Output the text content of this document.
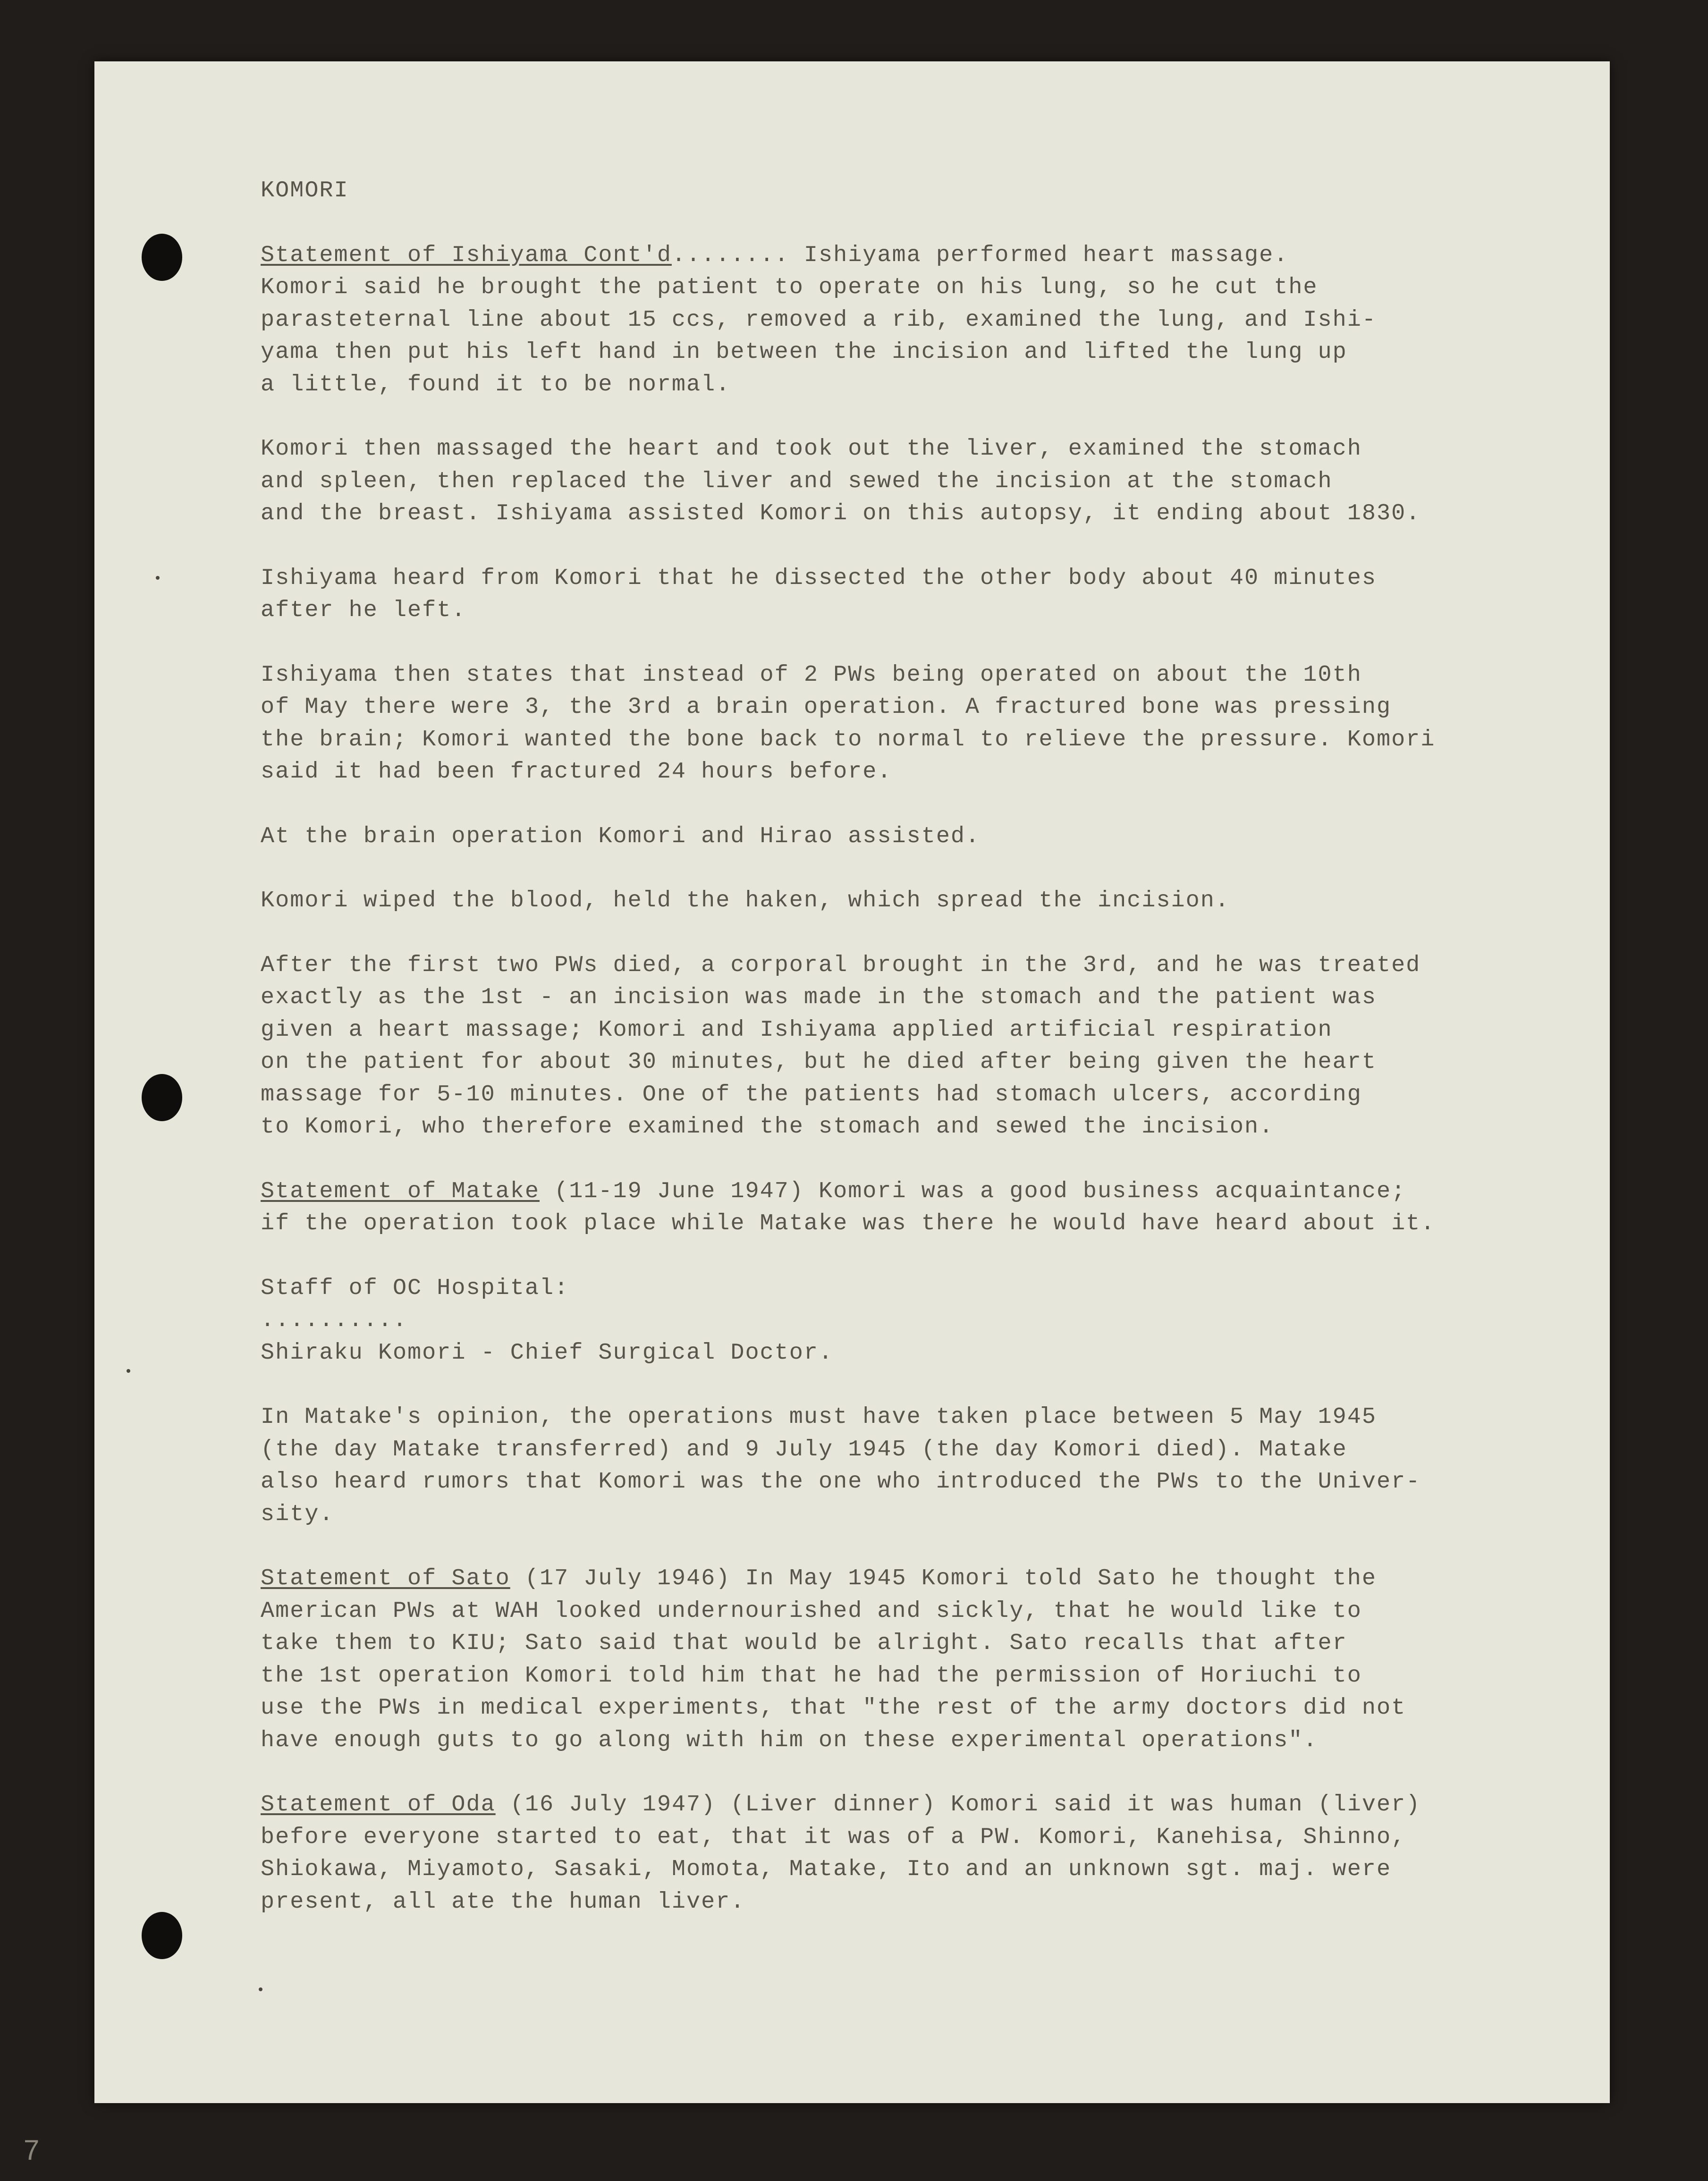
7
KOMORI
Statement of Ishiyama Cont'd........ Ishiyama performed heart massage.
Komori said he brought the patient to operate on his lung, so he cut the
parasteternal line about 15 ccs, removed a rib, examined the lung, and Ishi-
yama then put his left hand in between the incision and lifted the lung up
a little, found it to be normal.
Komori then massaged the heart and took out the liver, examined the stomach
and spleen, then replaced the liver and sewed the incision at the stomach
and the breast. Ishiyama assisted Komori on this autopsy, it ending about 1830.
Ishiyama heard from Komori that he dissected the other body about 40 minutes
after he left.
Ishiyama then states that instead of 2 PWs being operated on about the 10th
of May there were 3, the 3rd a brain operation. A fractured bone was pressing
the brain; Komori wanted the bone back to normal to relieve the pressure. Komori
said it had been fractured 24 hours before.
At the brain operation Komori and Hirao assisted.
Komori wiped the blood, held the haken, which spread the incision.
After the first two PWs died, a corporal brought in the 3rd, and he was treated
exactly as the 1st - an incision was made in the stomach and the patient was
given a heart massage; Komori and Ishiyama applied artificial respiration
on the patient for about 30 minutes, but he died after being given the heart
massage for 5-10 minutes. One of the patients had stomach ulcers, according
to Komori, who therefore examined the stomach and sewed the incision.
Statement of Matake (11-19 June 1947) Komori was a good business acquaintance;
if the operation took place while Matake was there he would have heard about it.
Staff of OC Hospital:
..........
Shiraku Komori - Chief Surgical Doctor.
In Matake's opinion, the operations must have taken place between 5 May 1945
(the day Matake transferred) and 9 July 1945 (the day Komori died). Matake
also heard rumors that Komori was the one who introduced the PWs to the Univer-
sity.
Statement of Sato (17 July 1946) In May 1945 Komori told Sato he thought the
American PWs at WAH looked undernourished and sickly, that he would like to
take them to KIU; Sato said that would be alright. Sato recalls that after
the 1st operation Komori told him that he had the permission of Horiuchi to
use the PWs in medical experiments, that "the rest of the army doctors did not
have enough guts to go along with him on these experimental operations".
Statement of Oda (16 July 1947) (Liver dinner) Komori said it was human (liver)
before everyone started to eat, that it was of a PW. Komori, Kanehisa, Shinno,
Shiokawa, Miyamoto, Sasaki, Momota, Matake, Ito and an unknown sgt. maj. were
present, all ate the human liver.
